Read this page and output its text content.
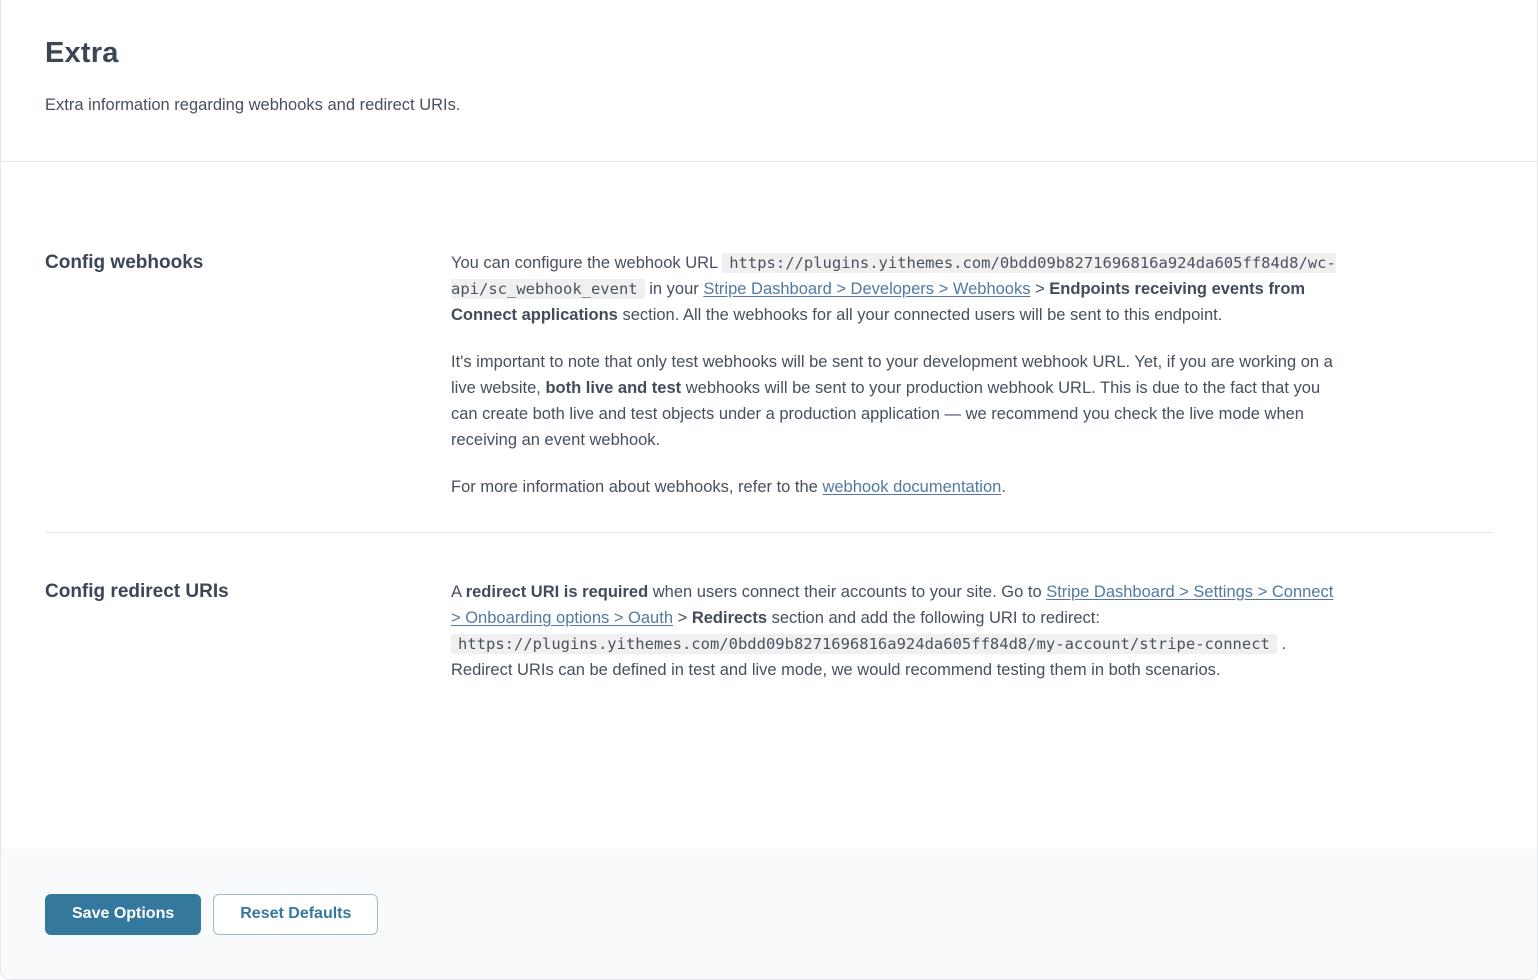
Extra

Extra information regarding webhooks and redirect URIs.

Config webhooks	You can configure the webhook URL https://plugins.yithemes.com/0bdd09b8271696816a924da605ff84d8/wc-api/sc_webhook_event in your Stripe Dashboard > Developers > Webhooks > Endpoints receiving events from Connect applications section. All the webhooks for all your connected users will be sent to this endpoint.

It's important to note that only test webhooks will be sent to your development webhook URL. Yet, if you are working on a live website, both live and test webhooks will be sent to your production webhook URL. This is due to the fact that you can create both live and test objects under a production application — we recommend you check the live mode when receiving an event webhook.

For more information about webhooks, refer to the webhook documentation.

Config redirect URIs	A redirect URI is required when users connect their accounts to your site. Go to Stripe Dashboard > Settings > Connect > Onboarding options > Oauth > Redirects section and add the following URI to redirect: https://plugins.yithemes.com/0bdd09b8271696816a924da605ff84d8/my-account/stripe-connect . Redirect URIs can be defined in test and live mode, we would recommend testing them in both scenarios.

Save Options	Reset Defaults
